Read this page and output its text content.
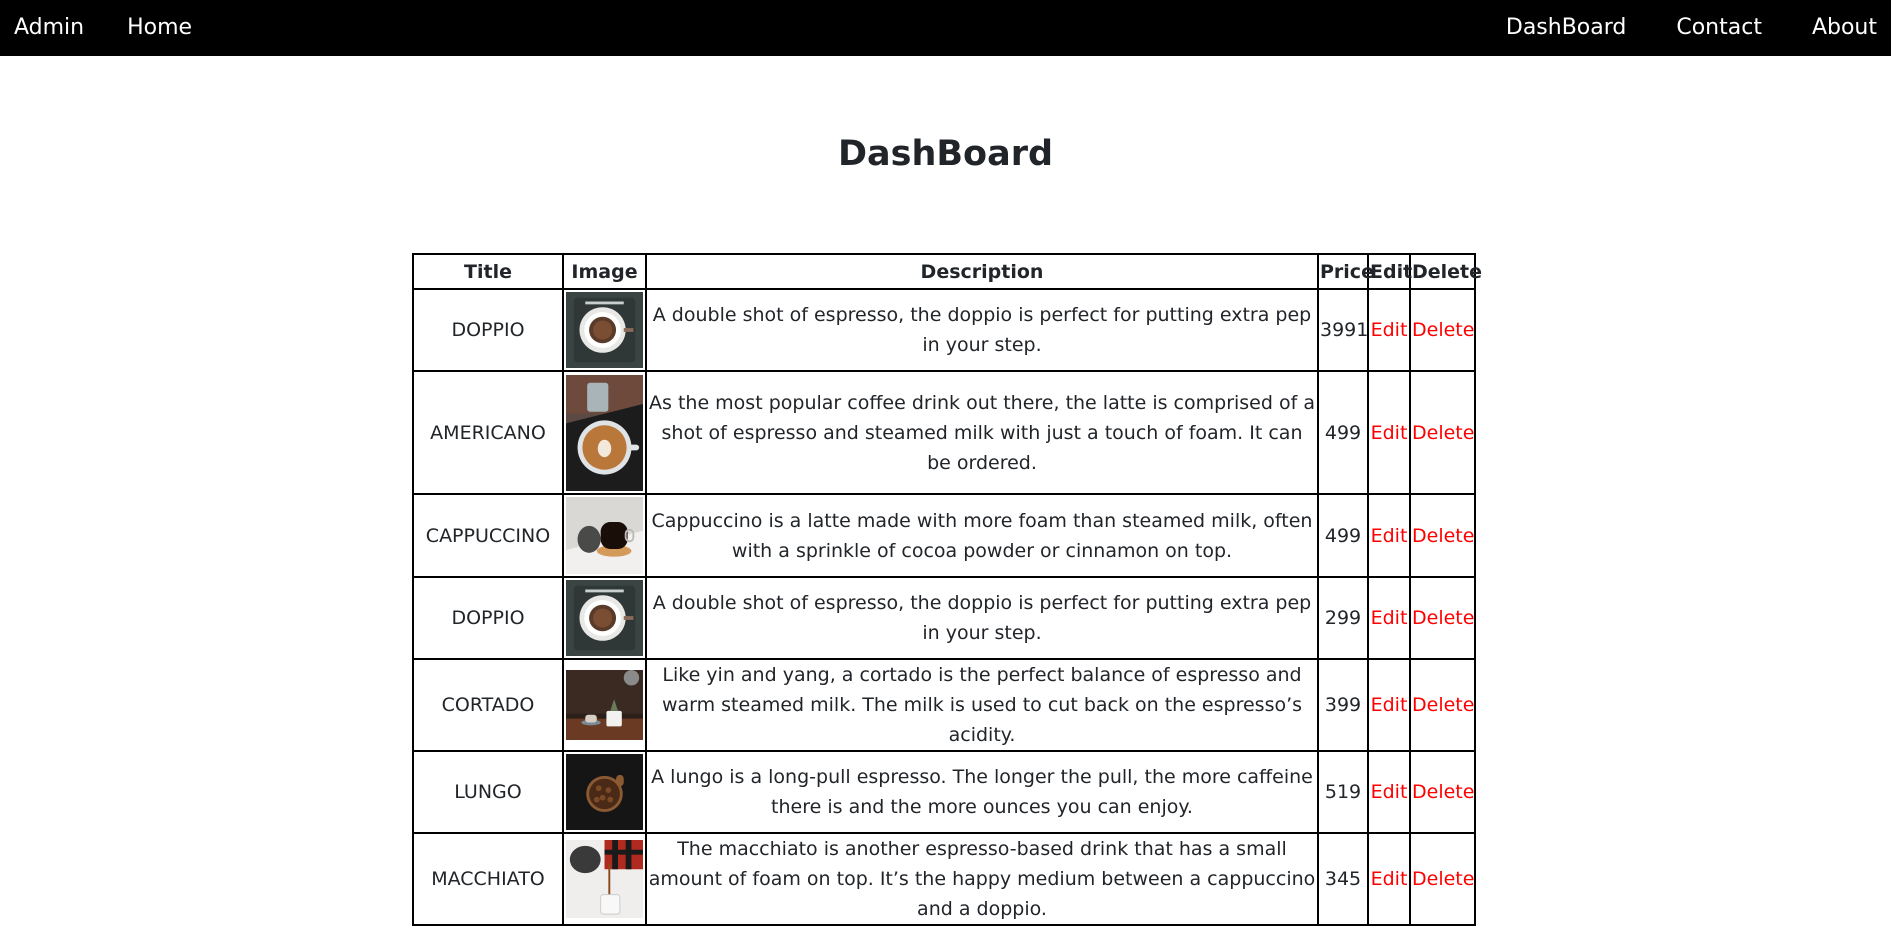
Admin Home	DashBoard Contact About
DashBoard
Title	Image	Description	Price	Edit	Delete
DOPPIO		A double shot of espresso, the doppio is perfect for putting extra pep in your step.	3991	Edit	Delete
AMERICANO		As the most popular coffee drink out there, the latte is comprised of a shot of espresso and steamed milk with just a touch of foam. It can be ordered.	499	Edit	Delete
CAPPUCCINO		Cappuccino is a latte made with more foam than steamed milk, often with a sprinkle of cocoa powder or cinnamon on top.	499	Edit	Delete
DOPPIO		A double shot of espresso, the doppio is perfect for putting extra pep in your step.	299	Edit	Delete
CORTADO		Like yin and yang, a cortado is the perfect balance of espresso and warm steamed milk. The milk is used to cut back on the espresso’s acidity.	399	Edit	Delete
LUNGO		A lungo is a long-pull espresso. The longer the pull, the more caffeine there is and the more ounces you can enjoy.	519	Edit	Delete
MACCHIATO		The macchiato is another espresso-based drink that has a small amount of foam on top. It’s the happy medium between a cappuccino and a doppio.	345	Edit	Delete
